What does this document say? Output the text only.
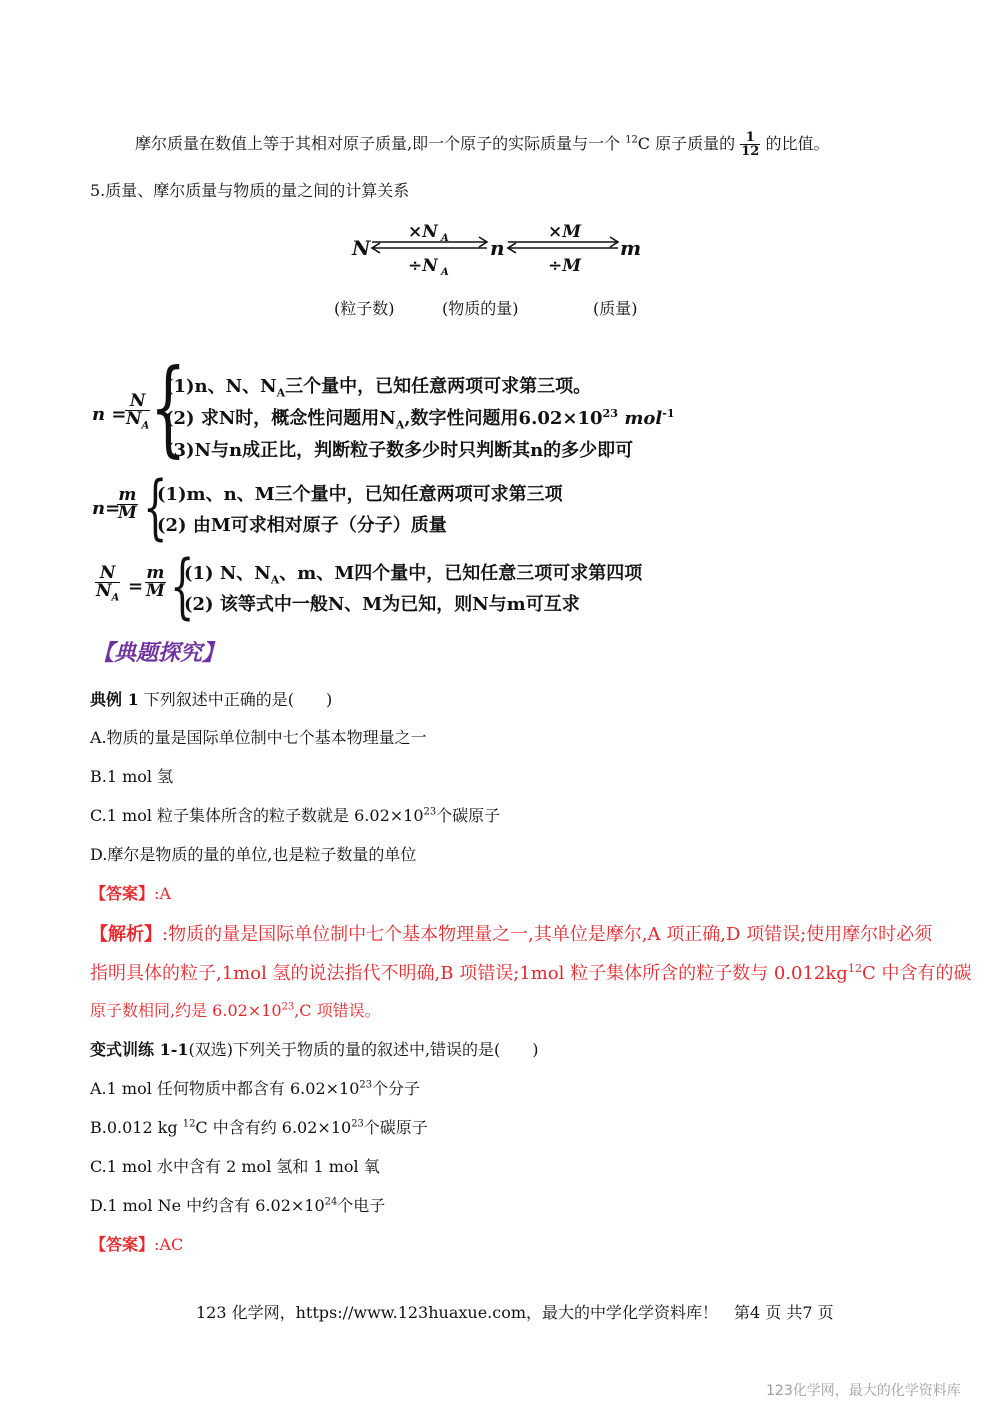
摩尔质量在数值上等于其相对原子质量,即一个原子的实际质量与一个 $^{12}$C 原子质量的 $\frac{1}{12}$ 的比值。
5.质量、摩尔质量与物质的量之间的计算关系
N	n	m
×N A
÷N A
×M
÷M
(粒子数)	(物质的量)	(质量)
n =
$\frac{N}{N_A}$ {
(1)n、N、$N_A$三个量中，已知任意两项可求第三项。
(2) 求N时，概念性问题用$N_A$,数字性问题用$6.02\times 10^{23}$ mol$^{-1}$
(3)N与n成正比，判断粒子数多少时只判断其n的多少即可
n=
$\frac{m}{M}$ {
(1)m、n、M三个量中，已知任意两项可求第三项
(2) 由M可求相对原子（分子）质量
$\frac{N}{N_A} = \frac{m}{M}$ {
(1) N、$N_A$、m、M四个量中，已知任意三项可求第四项
(2) 该等式中一般N、M为已知，则N与m可互求
【典题探究】
典例 1 下列叙述中正确的是(　　)
A.物质的量是国际单位制中七个基本物理量之一
B.1 mol 氢
C.1 mol 粒子集体所含的粒子数就是 $6.02\times 10^{23}$个碳原子
D.摩尔是物质的量的单位,也是粒子数量的单位
【答案】:A
【解析】:物质的量是国际单位制中七个基本物理量之一,其单位是摩尔,A 项正确,D 项错误;使用摩尔时必须
指明具体的粒子,1mol 氢的说法指代不明确,B 项错误;1mol 粒子集体所含的粒子数与 $0.012kg^{12}C$ 中含有的碳
原子数相同,约是 $6.02\times 10^{23},C$ 项错误。
变式训练 1-1(双选)下列关于物质的量的叙述中,错误的是(　　)
A.1 mol 任何物质中都含有 $6.02\times 10^{23}$个分子
B.0.012 kg $^{12}$C 中含有约 $6.02\times 10^{23}$个碳原子
C.1 mol 水中含有 2 mol 氢和 1 mol 氧
D.1 mol Ne 中约含有 $6.02\times 10^{24}$个电子
【答案】:AC
123 化学网，https://www.123huaxue.com，最大的中学化学资料库！　第4 页 共7 页
123化学网，最大的化学资料库
